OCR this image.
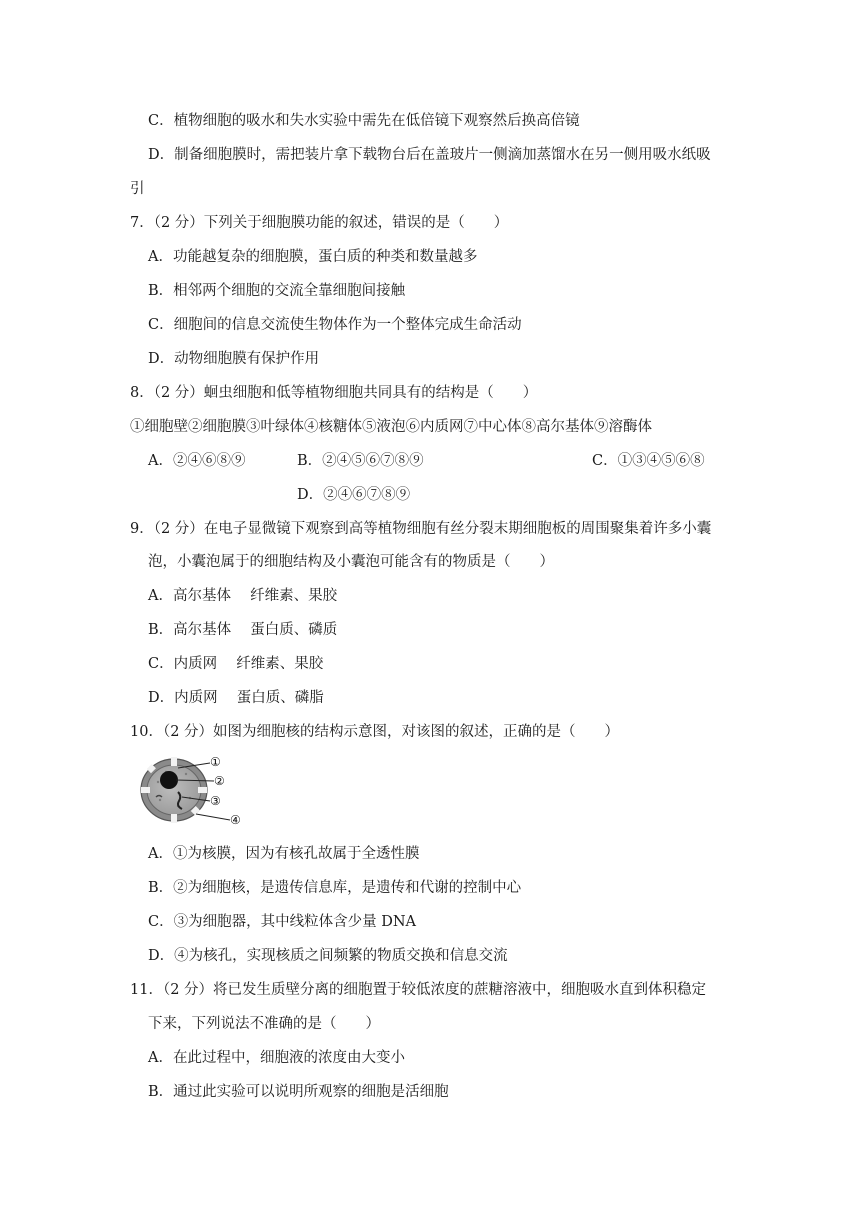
C．植物细胞的吸水和失水实验中需先在低倍镜下观察然后换高倍镜
D．制备细胞膜时，需把装片拿下载物台后在盖玻片一侧滴加蒸馏水在另一侧用吸水纸吸
引
7．（2 分）下列关于细胞膜功能的叙述，错误的是（　　）
A．功能越复杂的细胞膜，蛋白质的种类和数量越多
B．相邻两个细胞的交流全靠细胞间接触
C．细胞间的信息交流使生物体作为一个整体完成生命活动
D．动物细胞膜有保护作用
8．（2 分）蛔虫细胞和低等植物细胞共同具有的结构是（　　）
①细胞壁②细胞膜③叶绿体④核糖体⑤液泡⑥内质网⑦中心体⑧高尔基体⑨溶酶体
A．②④⑥⑧⑨	B．②④⑤⑥⑦⑧⑨	C．①③④⑤⑥⑧
D．②④⑥⑦⑧⑨
9．（2 分）在电子显微镜下观察到高等植物细胞有丝分裂末期细胞板的周围聚集着许多小囊
泡，小囊泡属于的细胞结构及小囊泡可能含有的物质是（　　）
A．高尔基体　 纤维素、果胶
B．高尔基体　 蛋白质、磷质
C．内质网　 纤维素、果胶
D．内质网　 蛋白质、磷脂
10．（2 分）如图为细胞核的结构示意图，对该图的叙述，正确的是（　　）
①
②
③
④
A．①为核膜，因为有核孔故属于全透性膜
B．②为细胞核，是遗传信息库，是遗传和代谢的控制中心
C．③为细胞器，其中线粒体含少量 DNA
D．④为核孔，实现核质之间频繁的物质交换和信息交流
11．（2 分）将已发生质壁分离的细胞置于较低浓度的蔗糖溶液中，细胞吸水直到体积稳定
下来，下列说法不准确的是（　　）
A．在此过程中，细胞液的浓度由大变小
B．通过此实验可以说明所观察的细胞是活细胞
